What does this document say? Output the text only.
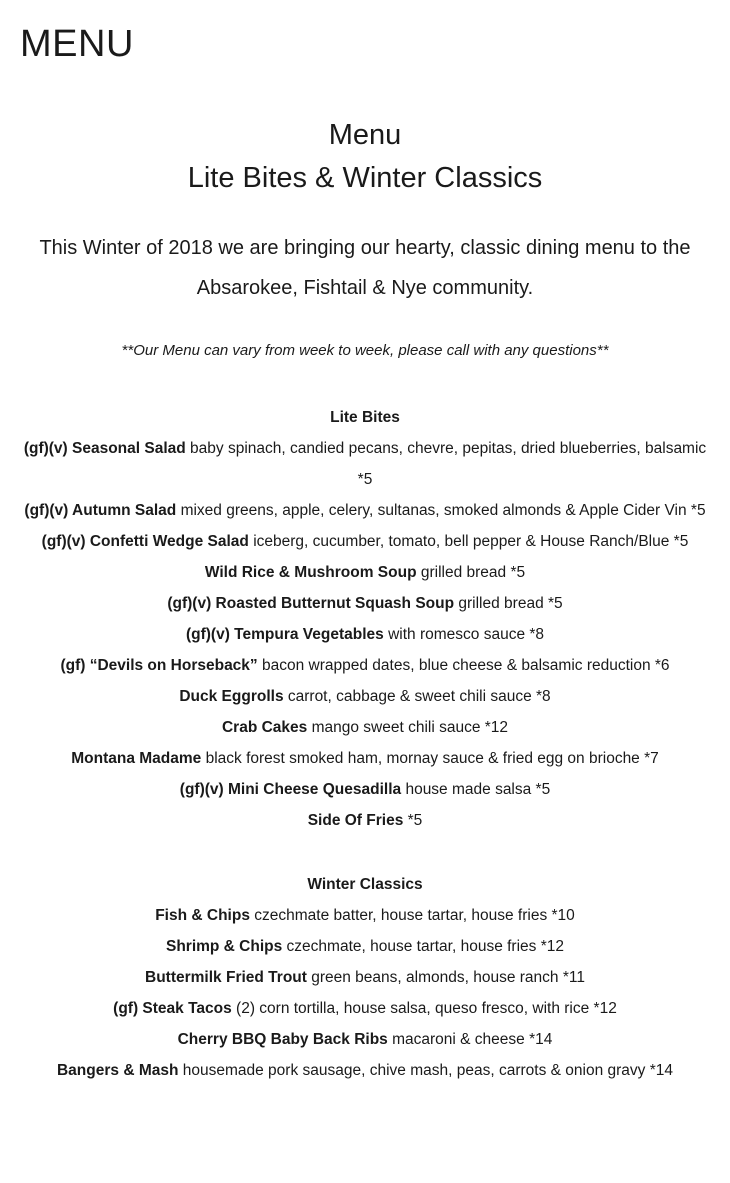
MENU
Menu
Lite Bites & Winter Classics

This Winter of 2018 we are bringing our hearty, classic dining menu to the Absarokee, Fishtail & Nye community.

**Our Menu can vary from week to week, please call with any questions**

Lite Bites
(gf)(v) Seasonal Salad baby spinach, candied pecans, chevre, pepitas, dried blueberries, balsamic *5
(gf)(v) Autumn Salad mixed greens, apple, celery, sultanas, smoked almonds & Apple Cider Vin *5
(gf)(v) Confetti Wedge Salad iceberg, cucumber, tomato, bell pepper & House Ranch/Blue *5
Wild Rice & Mushroom Soup grilled bread *5
(gf)(v) Roasted Butternut Squash Soup grilled bread *5
(gf)(v) Tempura Vegetables with romesco sauce *8
(gf) “Devils on Horseback” bacon wrapped dates, blue cheese & balsamic reduction *6
Duck Eggrolls carrot, cabbage & sweet chili sauce *8
Crab Cakes mango sweet chili sauce *12
Montana Madame black forest smoked ham, mornay sauce & fried egg on brioche *7
(gf)(v) Mini Cheese Quesadilla house made salsa *5
Side Of Fries *5
Winter Classics
Fish & Chips czechmate batter, house tartar, house fries *10
Shrimp & Chips czechmate, house tartar, house fries *12
Buttermilk Fried Trout green beans, almonds, house ranch *11
(gf) Steak Tacos (2) corn tortilla, house salsa, queso fresco, with rice *12
Cherry BBQ Baby Back Ribs macaroni & cheese *14
Bangers & Mash housemade pork sausage, chive mash, peas, carrots & onion gravy *14
